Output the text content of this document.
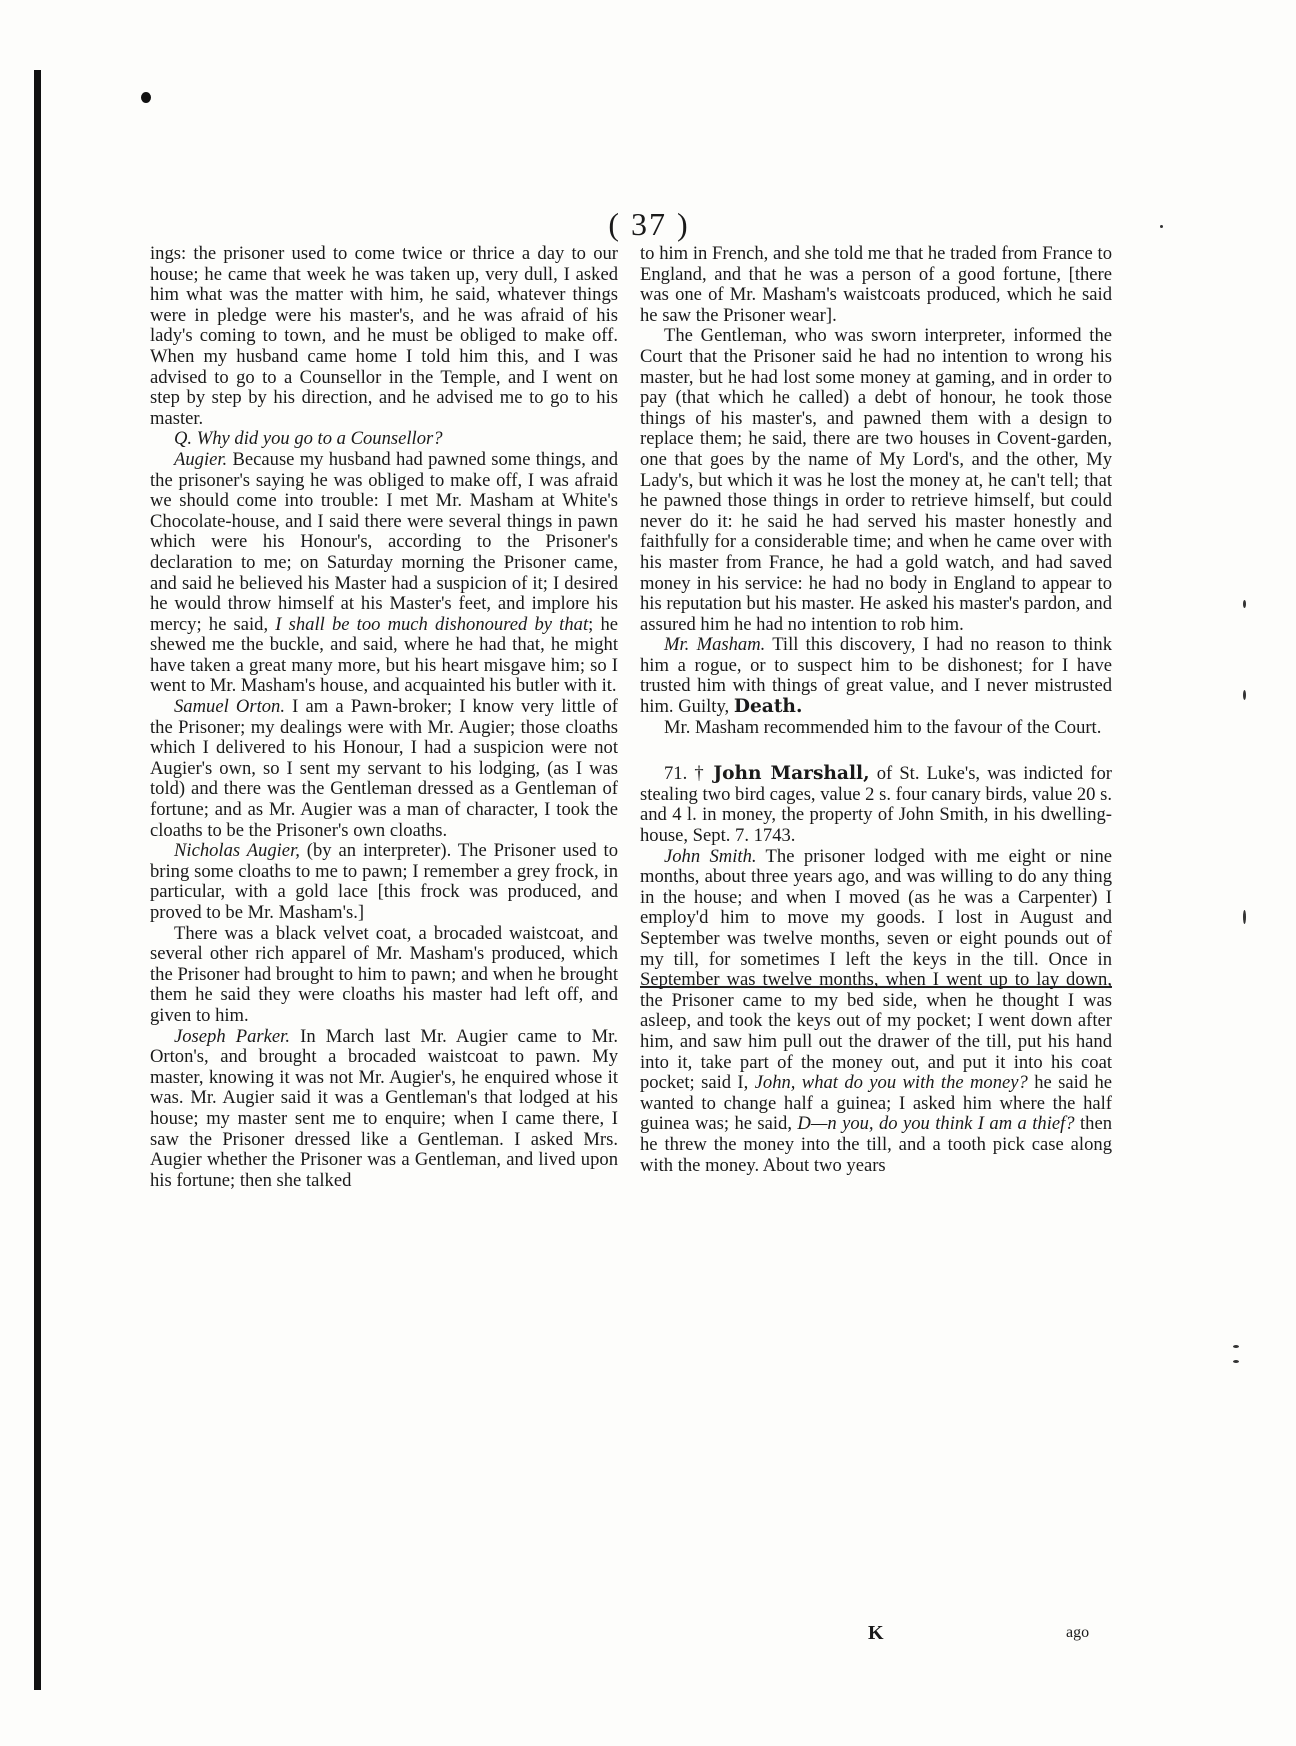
( 37 )

ings: the prisoner used to come twice or thrice a day to our house; he came that week he was taken up, very dull, I asked him what was the matter with him, he said, whatever things were in pledge were his master's, and he was afraid of his lady's coming to town, and he must be obliged to make off. When my husband came home I told him this, and I was advised to go to a Counsellor in the Temple, and I went on step by step by his direction, and he advised me to go to his master.

Q. Why did you go to a Counsellor?

Augier. Because my husband had pawned some things, and the prisoner's saying he was obliged to make off, I was afraid we should come into trouble: I met Mr. Masham at White's Chocolate-house, and I said there were several things in pawn which were his Honour's, according to the Prisoner's declaration to me; on Saturday morning the Prisoner came, and said he believed his Master had a suspicion of it; I desired he would throw himself at his Master's feet, and implore his mercy; he said, I shall be too much dishonoured by that; he shewed me the buckle, and said, where he had that, he might have taken a great many more, but his heart misgave him; so I went to Mr. Masham's house, and acquainted his butler with it.

Samuel Orton. I am a Pawn-broker; I know very little of the Prisoner; my dealings were with Mr. Augier; those cloaths which I delivered to his Honour, I had a suspicion were not Augier's own, so I sent my servant to his lodging, (as I was told) and there was the Gentleman dressed as a Gentleman of fortune; and as Mr. Augier was a man of character, I took the cloaths to be the Prisoner's own cloaths.

Nicholas Augier, (by an interpreter). The Prisoner used to bring some cloaths to me to pawn; I remember a grey frock, in particular, with a gold lace [this frock was produced, and proved to be Mr. Masham's.]

There was a black velvet coat, a brocaded waistcoat, and several other rich apparel of Mr. Masham's produced, which the Prisoner had brought to him to pawn; and when he brought them he said they were cloaths his master had left off, and given to him.

Joseph Parker. In March last Mr. Augier came to Mr. Orton's, and brought a brocaded waistcoat to pawn. My master, knowing it was not Mr. Augier's, he enquired whose it was. Mr. Augier said it was a Gentleman's that lodged at his house; my master sent me to enquire; when I came there, I saw the Prisoner dressed like a Gentleman. I asked Mrs. Augier whether the Prisoner was a Gentleman, and lived upon his fortune; then she talked

to him in French, and she told me that he traded from France to England, and that he was a person of a good fortune, [there was one of Mr. Masham's waistcoats produced, which he said he saw the Prisoner wear].

The Gentleman, who was sworn interpreter, informed the Court that the Prisoner said he had no intention to wrong his master, but he had lost some money at gaming, and in order to pay (that which he called) a debt of honour, he took those things of his master's, and pawned them with a design to replace them; he said, there are two houses in Covent-garden, one that goes by the name of My Lord's, and the other, My Lady's, but which it was he lost the money at, he can't tell; that he pawned those things in order to retrieve himself, but could never do it: he said he had served his master honestly and faithfully for a considerable time; and when he came over with his master from France, he had a gold watch, and had saved money in his service: he had no body in England to appear to his reputation but his master. He asked his master's pardon, and assured him he had no intention to rob him.

Mr. Masham. Till this discovery, I had no reason to think him a rogue, or to suspect him to be dishonest; for I have trusted him with things of great value, and I never mistrusted him. Guilty, Death.

Mr. Masham recommended him to the favour of the Court.

71. † John Marshall, of St. Luke's, was indicted for stealing two bird cages, value 2 s. four canary birds, value 20 s. and 4 l. in money, the property of John Smith, in his dwelling-house, Sept. 7. 1743.

John Smith. The prisoner lodged with me eight or nine months, about three years ago, and was willing to do any thing in the house; and when I moved (as he was a Carpenter) I employ'd him to move my goods. I lost in August and September was twelve months, seven or eight pounds out of my till, for sometimes I left the keys in the till. Once in September was twelve months, when I went up to lay down, the Prisoner came to my bed side, when he thought I was asleep, and took the keys out of my pocket; I went down after him, and saw him pull out the drawer of the till, put his hand into it, take part of the money out, and put it into his coat pocket; said I, John, what do you with the money? he said he wanted to change half a guinea; I asked him where the half guinea was; he said, D—n you, do you think I am a thief? then he threw the money into the till, and a tooth pick case along with the money. About two years

K	ago
